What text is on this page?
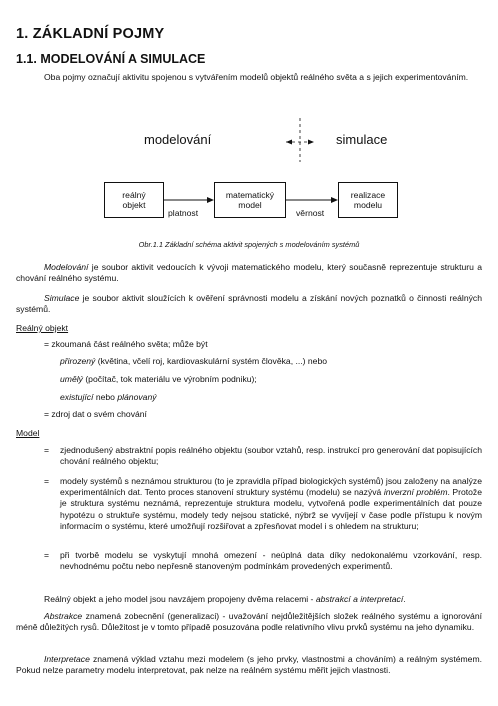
1. ZÁKLADNÍ POJMY
1.1. MODELOVÁNÍ A SIMULACE
Oba pojmy označují aktivitu spojenou s vytvářením modelů objektů reálného světa a s jejich experimentováním.
modelování	simulace
reálný
objekt
matematický
model
realizace
modelu
platnost	věrnost
Obr.1.1 Základní schéma aktivit spojených s modelováním systémů
Modelování je soubor aktivit vedoucích k vývoji matematického modelu, který současně reprezentuje strukturu a chování reálného systému.
Simulace je soubor aktivit sloužících k ověření správnosti modelu a získání nových poznatků o činnosti reálných systémů.
Reálný objekt
= zkoumaná část reálného světa; může být
přirozený (květina, včelí roj, kardiovaskulární systém člověka, ...) nebo
umělý (počítač, tok materiálu ve výrobním podniku);
existující nebo plánovaný
= zdroj dat o svém chování
Model
=	zjednodušený abstraktní popis reálného objektu (soubor vztahů, resp. instrukcí pro generování dat popisujících chování reálného objektu;
=	modely systémů s neznámou strukturou (to je zpravidla případ biologických systémů) jsou založeny na analýze experimentálních dat. Tento proces stanovení struktury systému (modelu) se nazývá inverzní problém. Protože je struktura systému neznámá, reprezentuje struktura modelu, vytvořená podle experimentálních dat pouze hypotézu o struktuře systému, modely tedy nejsou statické, nýbrž se vyvíjejí v čase podle přístupu k novým informacím o systému, které umožňují rozšiřovat a zpřesňovat model i s ohledem na strukturu;
=	při tvorbě modelu se vyskytují mnohá omezení - neúplná data díky nedokonalému vzorkování, resp. nevhodnému počtu nebo nepřesně stanoveným podmínkám provedených experimentů.
Reálný objekt a jeho model jsou navzájem propojeny dvěma relacemi - abstrakcí a interpretací.
Abstrakce znamená zobecnění (generalizaci) - uvažování nejdůležitějších složek reálného systému a ignorování méně důležitých rysů. Důležitost je v tomto případě posuzována podle relativního vlivu prvků systému na jeho dynamiku.
Interpretace znamená výklad vztahu mezi modelem (s jeho prvky, vlastnostmi a chováním) a reálným systémem. Pokud nelze parametry modelu interpretovat, pak nelze na reálném systému měřit jejich vlastnosti.
